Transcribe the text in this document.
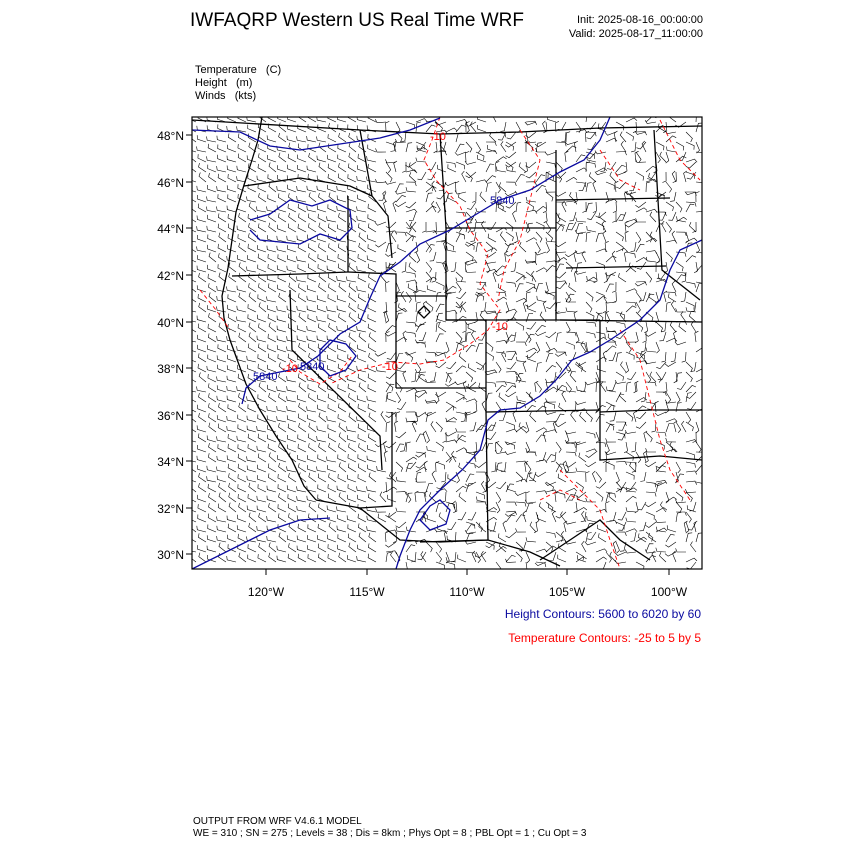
IWFAQRP Western US Real Time WRF	Init: 2025-08-16_00:00:00
Valid: 2025-08-17_11:00:00
Temperature   (C)
Height   (m)
Winds   (kts)
5840
5840
5840
-10
-10
-10
-10
48°N
46°N
44°N
42°N
40°N
38°N
36°N
34°N
32°N
30°N
120°W	115°W	110°W	105°W	100°W
Height Contours: 5600 to 6020 by 60
Temperature Contours: -25 to 5 by 5
OUTPUT FROM WRF V4.6.1 MODEL
WE = 310 ; SN = 275 ; Levels = 38 ; Dis = 8km ; Phys Opt = 8 ; PBL Opt = 1 ; Cu Opt = 3
